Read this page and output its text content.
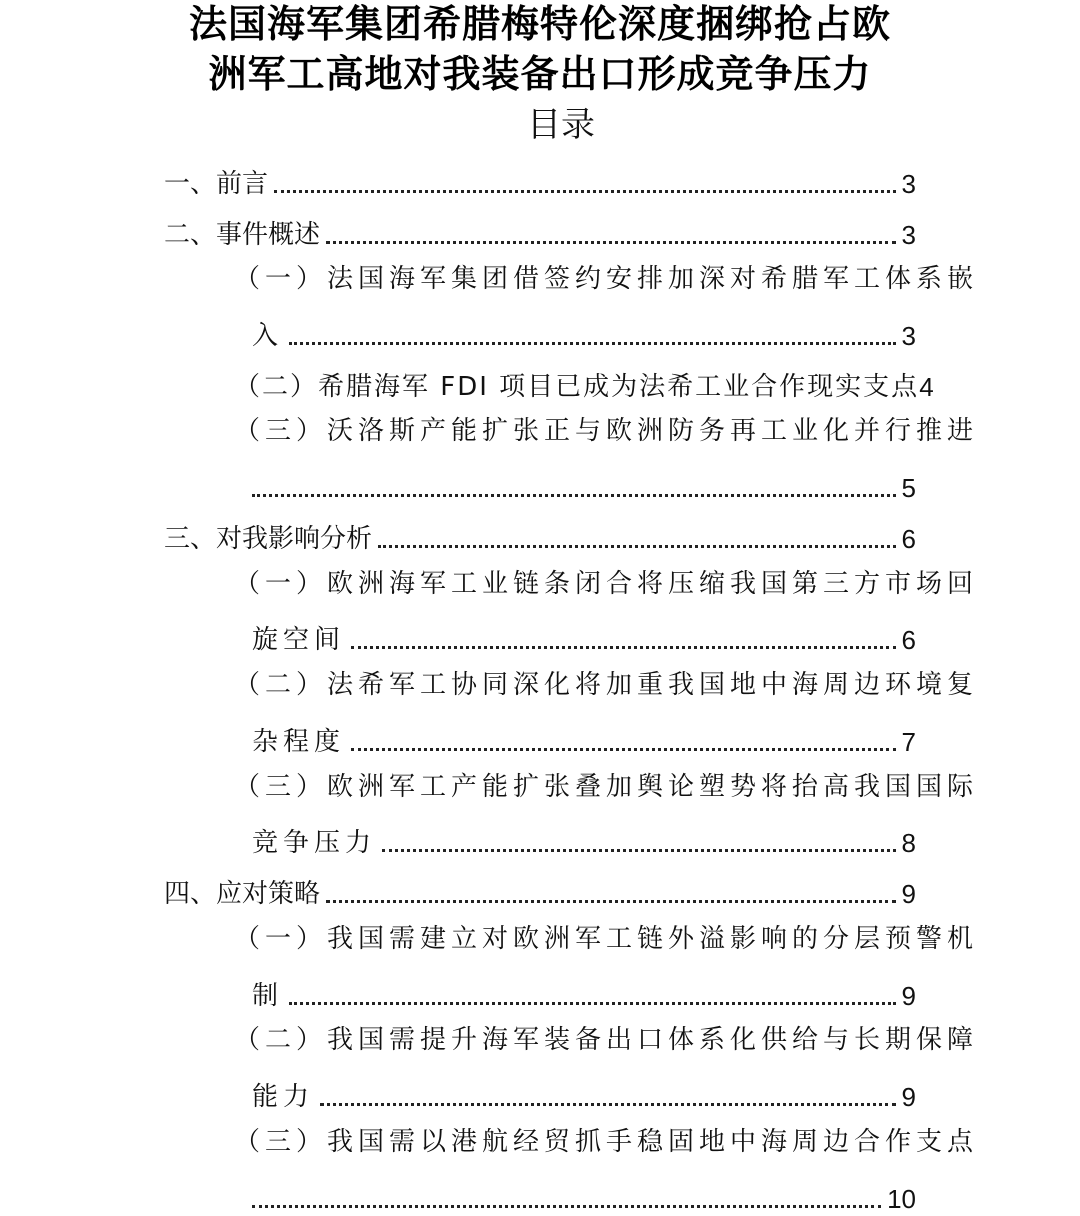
法国海军集团希腊梅特伦深度捆绑抢占欧
洲军工高地对我装备出口形成竞争压力
目录
一、前言	3
二、事件概述	3
（一）法国海军集团借签约安排加深对希腊军工体系嵌
入	3
（二）希腊海军 FDI 项目已成为法希工业合作现实支点 4
（三）沃洛斯产能扩张正与欧洲防务再工业化并行推进
5
三、对我影响分析	6
（一）欧洲海军工业链条闭合将压缩我国第三方市场回
旋空间	6
（二）法希军工协同深化将加重我国地中海周边环境复
杂程度	7
（三）欧洲军工产能扩张叠加舆论塑势将抬高我国国际
竞争压力	8
四、应对策略	9
（一）我国需建立对欧洲军工链外溢影响的分层预警机
制	9
（二）我国需提升海军装备出口体系化供给与长期保障
能力	9
（三）我国需以港航经贸抓手稳固地中海周边合作支点
10
